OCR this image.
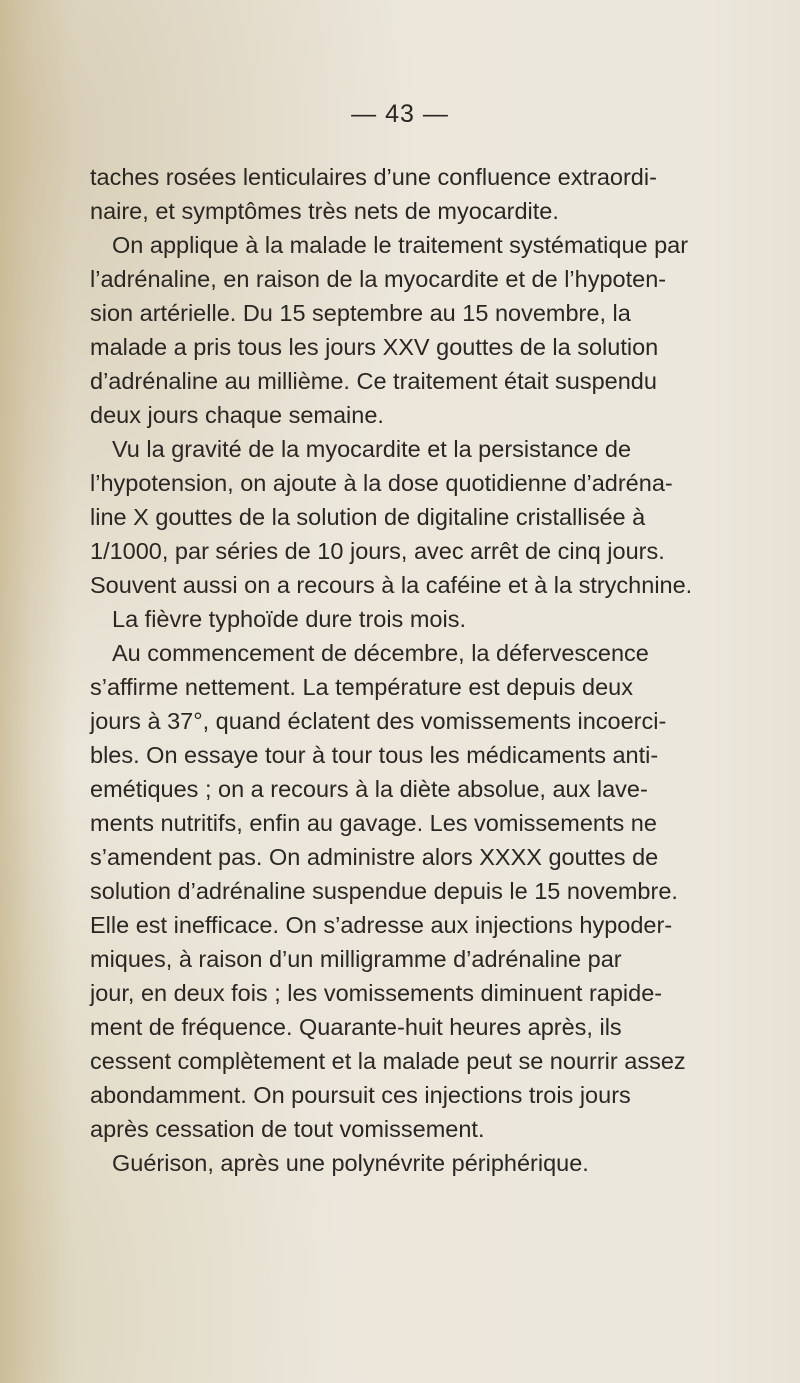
— 43 —
taches rosées lenticulaires d’une confluence extraordi-
naire, et symptômes très nets de myocardite.
On applique à la malade le traitement systématique par
l’adrénaline, en raison de la myocardite et de l’hypoten-
sion artérielle. Du 15 septembre au 15 novembre, la
malade a pris tous les jours XXV gouttes de la solution
d’adrénaline au millième. Ce traitement était suspendu
deux jours chaque semaine.
Vu la gravité de la myocardite et la persistance de
l’hypotension, on ajoute à la dose quotidienne d’adréna-
line X gouttes de la solution de digitaline cristallisée à
1/1000, par séries de 10 jours, avec arrêt de cinq jours.
Souvent aussi on a recours à la caféine et à la strychnine.
La fièvre typhoïde dure trois mois.
Au commencement de décembre, la défervescence
s’affirme nettement. La température est depuis deux
jours à 37°, quand éclatent des vomissements incoerci-
bles. On essaye tour à tour tous les médicaments anti-
emétiques ; on a recours à la diète absolue, aux lave-
ments nutritifs, enfin au gavage. Les vomissements ne
s’amendent pas. On administre alors XXXX gouttes de
solution d’adrénaline suspendue depuis le 15 novembre.
Elle est inefficace. On s’adresse aux injections hypoder-
miques, à raison d’un milligramme d’adrénaline par
jour, en deux fois ; les vomissements diminuent rapide-
ment de fréquence. Quarante-huit heures après, ils
cessent complètement et la malade peut se nourrir assez
abondamment. On poursuit ces injections trois jours
après cessation de tout vomissement.
Guérison, après une polynévrite périphérique.
